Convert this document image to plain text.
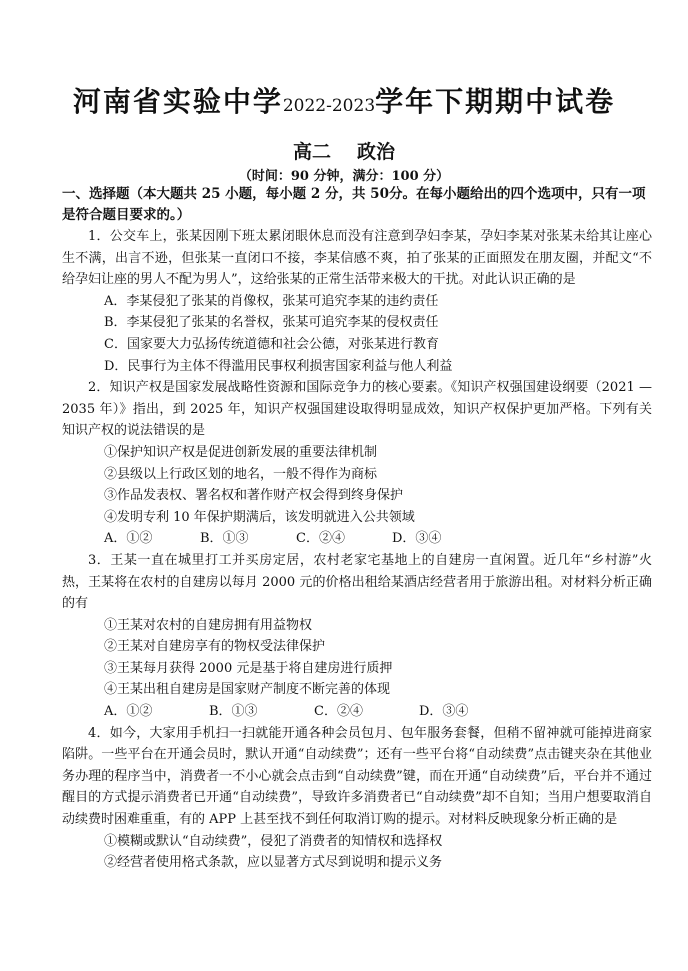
河南省实验中学2022-2023学年下期期中试卷
高二 政治
（时间：90 分钟，满分：100 分）
一、选择题（本大题共 25 小题，每小题 2 分，共 50分。在每小题给出的四个选项中，只有一项是符合题目要求的。）

1．公交车上，张某因刚下班太累闭眼休息而没有注意到孕妇李某，孕妇李某对张某未给其让座心生不满，出言不逊，但张某一直闭口不接，李某信感不爽，拍了张某的正面照发在朋友圈，并配文“不给孕妇让座的男人不配为男人”，这给张某的正常生活带来极大的干扰。对此认识正确的是

A．李某侵犯了张某的肖像权，张某可追究李某的违约责任

B．李某侵犯了张某的名誉权，张某可追究李某的侵权责任

C．国家要大力弘扬传统道德和社会公德，对张某进行教育

D．民事行为主体不得滥用民事权利损害国家利益与他人利益

2．知识产权是国家发展战略性资源和国际竞争力的核心要素。《知识产权强国建设纲要（2021 — 2035 年）》指出，到 2025 年，知识产权强国建设取得明显成效，知识产权保护更加严格。下列有关知识产权的说法错误的是

①保护知识产权是促进创新发展的重要法律机制

②县级以上行政区划的地名，一般不得作为商标

③作品发表权、署名权和著作财产权会得到终身保护

④发明专利 10 年保护期满后，该发明就进入公共领域

A．①②	B．①③	C．②④	D．③④

3．王某一直在城里打工并买房定居，农村老家宅基地上的自建房一直闲置。近几年“乡村游”火热，王某将在农村的自建房以每月 2000 元的价格出租给某酒店经营者用于旅游出租。对材料分析正确的有

①王某对农村的自建房拥有用益物权

②王某对自建房享有的物权受法律保护

③王某每月获得 2000 元是基于将自建房进行质押

④王某出租自建房是国家财产制度不断完善的体现

A．①②	B．①③	C．②④	D．③④

4．如今，大家用手机扫一扫就能开通各种会员包月、包年服务套餐，但稍不留神就可能掉进商家陷阱。一些平台在开通会员时，默认开通“自动续费”；还有一些平台将“自动续费”点击键夹杂在其他业务办理的程序当中，消费者一不小心就会点击到“自动续费”键，而在开通“自动续费”后，平台并不通过醒目的方式提示消费者已开通“自动续费”，导致许多消费者已“自动续费”却不自知；当用户想要取消自动续费时困难重重，有的 APP 上甚至找不到任何取消订购的提示。对材料反映现象分析正确的是

①模糊或默认“自动续费”，侵犯了消费者的知情权和选择权

②经营者使用格式条款，应以显著方式尽到说明和提示义务
